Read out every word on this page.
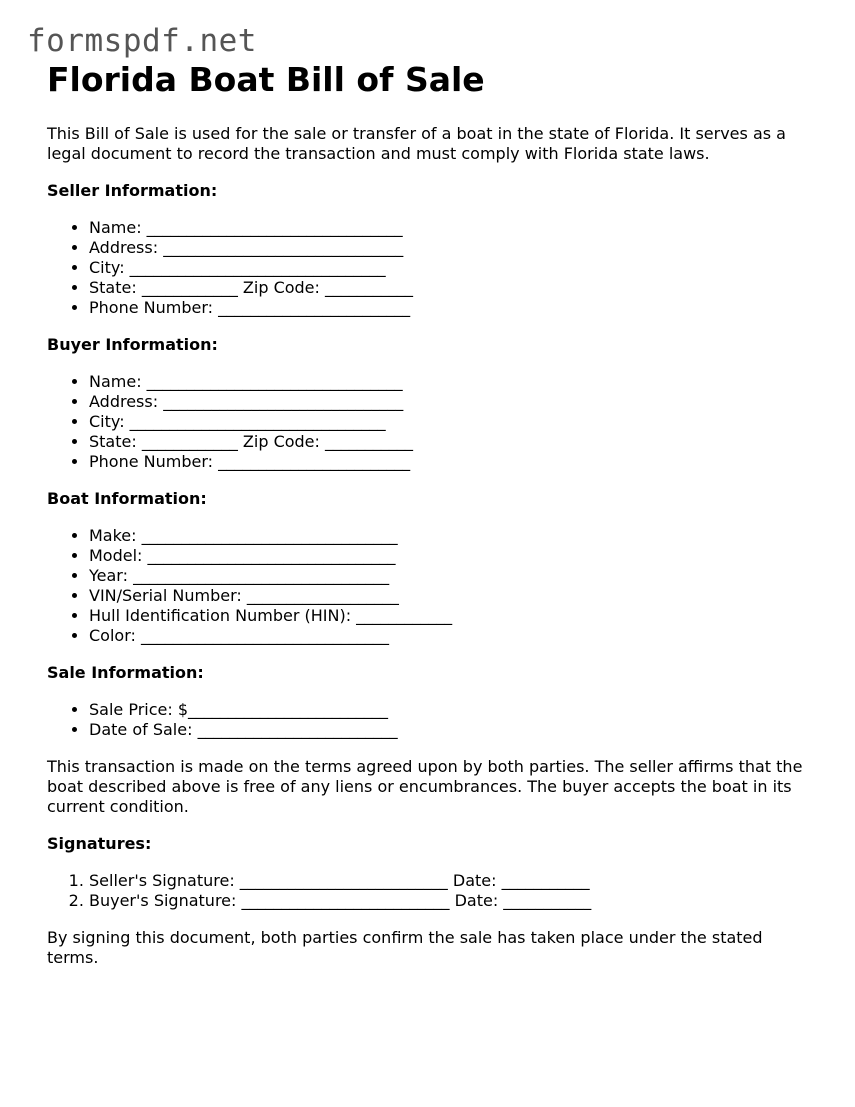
formspdf.net
Florida Boat Bill of Sale

This Bill of Sale is used for the sale or transfer of a boat in the state of Florida. It serves as a legal document to record the transaction and must comply with Florida state laws.

Seller Information:
• Name: ________________________________
• Address: ______________________________
• City: ________________________________
• State: ____________ Zip Code: ___________
• Phone Number: ________________________
Buyer Information:
• Name: ________________________________
• Address: ______________________________
• City: ________________________________
• State: ____________ Zip Code: ___________
• Phone Number: ________________________
Boat Information:
• Make: ________________________________
• Model: _______________________________
• Year: ________________________________
• VIN/Serial Number: ___________________
• Hull Identification Number (HIN): ____________
• Color: _______________________________
Sale Information:
• Sale Price: $_________________________
• Date of Sale: _________________________

This transaction is made on the terms agreed upon by both parties. The seller affirms that the boat described above is free of any liens or encumbrances. The buyer accepts the boat in its current condition.

Signatures:
1. Seller's Signature: __________________________ Date: ___________
2. Buyer's Signature: __________________________ Date: ___________

By signing this document, both parties confirm the sale has taken place under the stated terms.
